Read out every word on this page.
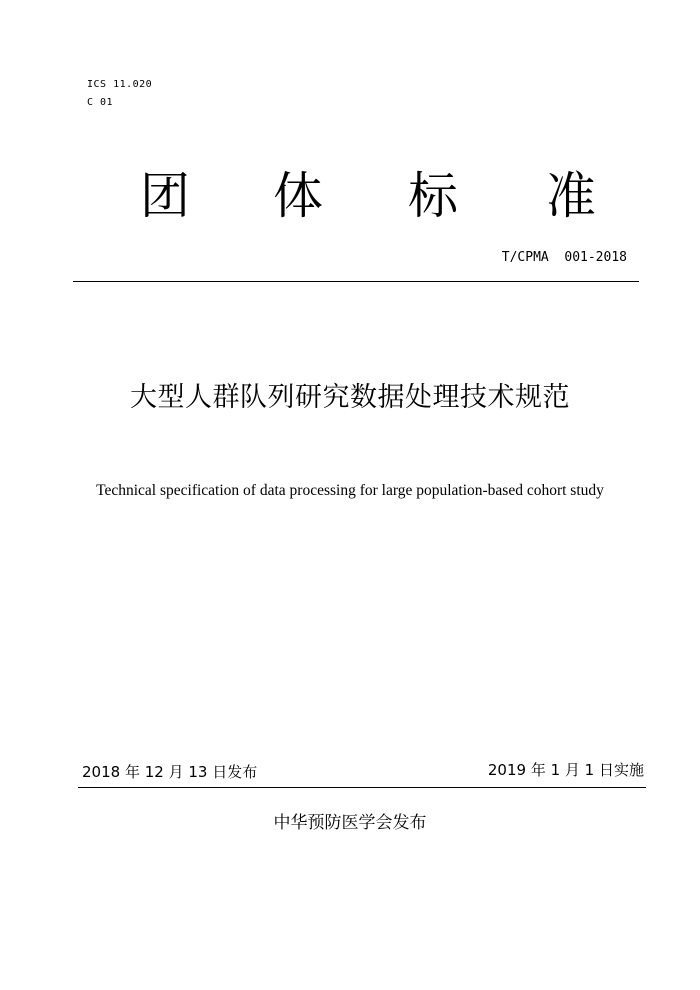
ICS 11.020
C 01
团 体 标 准
T/CPMA  001-2018
大型人群队列研究数据处理技术规范
Technical specification of data processing for large population-based cohort study
2018 年 12 月 13 日发布	2019 年 1 月 1 日实施
中华预防医学会发布
